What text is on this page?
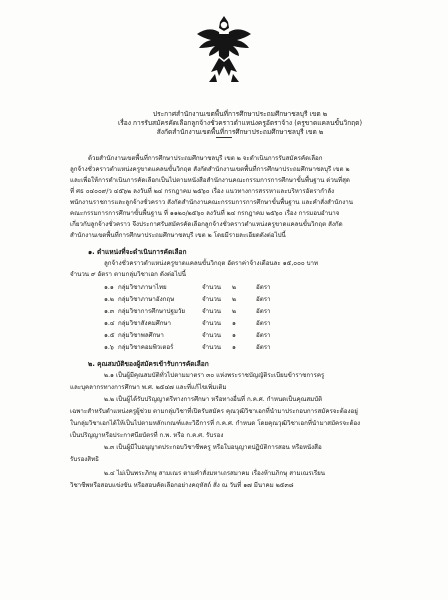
ประกาศสำนักงานเขตพื้นที่การศึกษาประถมศึกษาชลบุรี เขต ๒
เรื่อง การรับสมัครคัดเลือกลูกจ้างชั่วคราวตำแหน่งครูอัตราจ้าง (ครูขาดแคลนขั้นวิกฤต)
สังกัดสำนักงานเขตพื้นที่การศึกษาประถมศึกษาชลบุรี เขต ๒
ด้วยสำนักงานเขตพื้นที่การศึกษาประถมศึกษาชลบุรี เขต ๒ จะดำเนินการรับสมัครคัดเลือก
ลูกจ้างชั่วคราวตำแหน่งครูขาดแคลนขั้นวิกฤต สังกัดสำนักงานเขตพื้นที่การศึกษาประถมศึกษาชลบุรี เขต ๒
และเพื่อให้การดำเนินการคัดเลือกเป็นไปตามหนังสือสำนักงานคณะกรรมการการศึกษาขั้นพื้นฐาน ด่วนที่สุด
ที่ ศธ ๐๔๐๐๙/ว ๔๕๖๒ ลงวันที่ ๒๔ กรกฎาคม ๒๕๖๐ เรื่อง แนวทางการสรรหาและบริหารอัตรากำลัง
พนักงานราชการและลูกจ้างชั่วคราว สังกัดสำนักงานคณะกรรมการการศึกษาขั้นพื้นฐาน และคำสั่งสำนักงาน
คณะกรรมการการศึกษาขั้นพื้นฐาน ที่ ๑๑๒๐/๒๕๖๐ ลงวันที่ ๒๔ กรกฎาคม ๒๕๖๐ เรื่อง การมอบอำนาจ
เกี่ยวกับลูกจ้างชั่วคราว จึงประกาศรับสมัครคัดเลือกลูกจ้างชั่วคราวตำแหน่งครูขาดแคลนขั้นวิกฤต สังกัด
สำนักงานเขตพื้นที่การศึกษาประถมศึกษาชลบุรี เขต ๒ โดยมีรายละเอียดดังต่อไปนี้
๑. ตำแหน่งที่จะดำเนินการคัดเลือก
ลูกจ้างชั่วคราวตำแหน่งครูขาดแคลนขั้นวิกฤต อัตราค่าจ้างเดือนละ ๑๕,๐๐๐ บาท
จำนวน ๙ อัตรา ตามกลุ่มวิชาเอก ดังต่อไปนี้
๑.๑ กลุ่มวิชาภาษาไทย	จำนวน ๒	อัตรา
๑.๒ กลุ่มวิชาภาษาอังกฤษ	จำนวน ๒	อัตรา
๑.๓ กลุ่มวิชาการศึกษาปฐมวัย	จำนวน ๒	อัตรา
๑.๔ กลุ่มวิชาสังคมศึกษา	จำนวน ๑	อัตรา
๑.๕ กลุ่มวิชาพลศึกษา	จำนวน ๑	อัตรา
๑.๖ กลุ่มวิชาคอมพิวเตอร์	จำนวน ๑	อัตรา
๒. คุณสมบัติของผู้สมัครเข้ารับการคัดเลือก
๒.๑ เป็นผู้มีคุณสมบัติทั่วไปตามมาตรา ๓๐ แห่งพระราชบัญญัติระเบียบข้าราชการครู
และบุคลากรทางการศึกษา พ.ศ. ๒๕๔๗ และที่แก้ไขเพิ่มเติม
๒.๒ เป็นผู้ได้รับปริญญาตรีทางการศึกษา หรือทางอื่นที่ ก.ค.ศ. กำหนดเป็นคุณสมบัติ
เฉพาะสำหรับตำแหน่งครูผู้ช่วย ตามกลุ่มวิชาที่เปิดรับสมัคร คุณวุฒิวิชาเอกที่นำมาประกอบการสมัครจะต้องอยู่
ในกลุ่มวิชาเอกได้ให้เป็นไปตามหลักเกณฑ์และวิธีการที่ ก.ค.ศ. กำหนด โดยคุณวุฒิวิชาเอกที่นำมาสมัครจะต้อง
เป็นปริญญาหรือประกาศนียบัตรที่ ก.พ. หรือ ก.ค.ศ. รับรอง
๒.๓ เป็นผู้มีใบอนุญาตประกอบวิชาชีพครู หรือใบอนุญาตปฏิบัติการสอน หรือหนังสือ
รับรองสิทธิ
๒.๔ ไม่เป็นพระภิกษุ สามเณร ตามคำสั่งมหาเถรสมาคม เรื่องห้ามภิกษุ สามเณรเรียน
วิชาชีพหรือสอบแข่งขัน หรือสอบคัดเลือกอย่างคฤหัสถ์ สั่ง ณ วันที่ ๑๗ มีนาคม ๒๕๓๘
